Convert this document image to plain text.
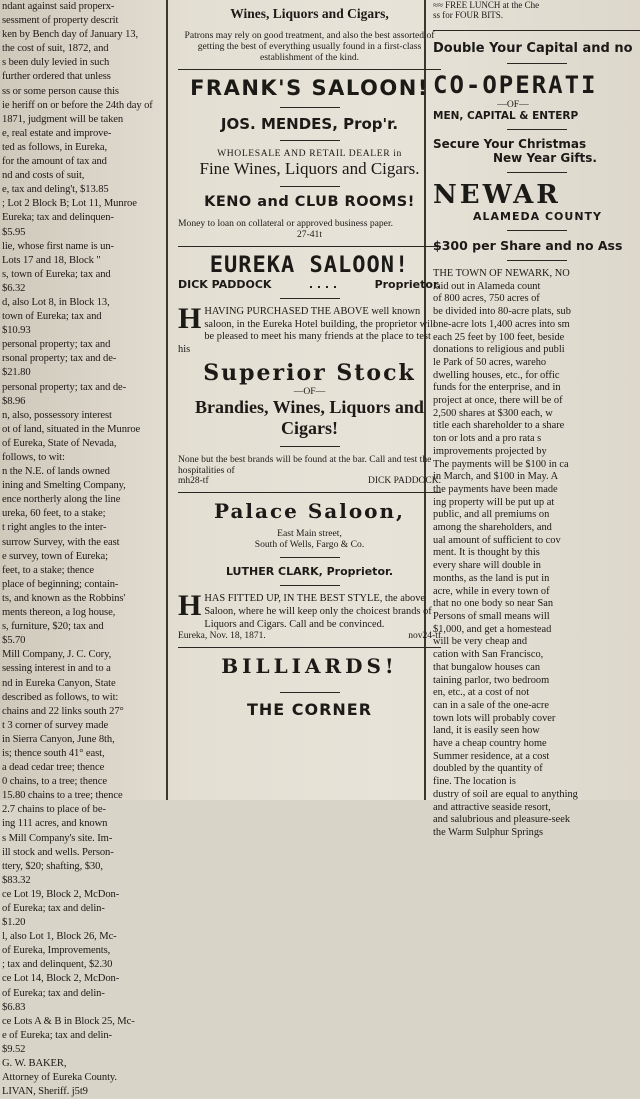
ndant against said properx-
sessment of property descrit
ken by Bench day of January 13,
the cost of suit, 1872, and
s been duly levied in such
further ordered that unless
ss or some person cause this
ie heriff on or before the 24th day of
1871, judgment will be taken
e, real estate and improve-
ted as follows, in Eureka,
for the amount of tax and
nd and costs of suit,
e, tax and deling't, $13.85
; Lot 2 Block B; Lot 11, Munroe
Eureka; tax and delinquen-
$5.95
lie, whose first name is un-
Lots 17 and 18, Block "
s, town of Eureka; tax and
$6.32
d, also Lot 8, in Block 13,
town of Eureka; tax and
$10.93
personal property; tax and
rsonal property; tax and de-
$21.80
personal property; tax and de-
$8.96
n, also, possessory interest
ot of land, situated in the Munroe
of Eureka, State of Nevada,
follows, to wit:
n the N.E. of lands owned
ining and Smelting Company,
ence northerly along the line
ureka, 60 feet, to a stake;
t right angles to the inter-
surrow Survey, with the east
e survey, town of Eureka;
feet, to a stake; thence
place of beginning; contain-
ts, and known as the Robbins'
ments thereon, a log house,
s, furniture, $20; tax and
$5.70
Mill Company, J. C. Cory,
sessing interest in and to a
nd in Eureka Canyon, State
described as follows, to wit:
chains and 22 links south 27°
t 3 corner of survey made
in Sierra Canyon, June 8th,
is; thence south 41° east,
a dead cedar tree; thence
0 chains, to a tree; thence
15.80 chains to a tree; thence
2.7 chains to place of be-
ing 111 acres, and known
s Mill Company's site. Im-
ill stock and wells. Person-
ttery, $20; shafting, $30,
$83.32
ce Lot 19, Block 2, McDon-
of Eureka; tax and delin-
$1.20
l, also Lot 1, Block 26, Mc-
of Eureka, Improvements,
; tax and delinquent, $2.30
ce Lot 14, Block 2, McDon-
of Eureka; tax and delin-
$6.83
ce Lots A & B in Block 25, Mc-
e of Eureka; tax and delin-
$9.52
G. W. BAKER,
Attorney of Eureka County.
LIVAN, Sheriff. j5t9
Wines, Liquors and Cigars,
Patrons may rely on good treatment, and also the best assorted of getting the best of everything usually found in a first-class establishment of the kind.
FRANK'S SALOON!
JOS. MENDES, Prop'r.
WHOLESALE AND RETAIL DEALER in
Fine Wines, Liquors and Cigars.
KENO and CLUB ROOMS!
Money to loan on collateral or approved business paper.
27-41t
EUREKA SALOON!
DICK PADDOCK	. . . .	Proprietor.
HHAVING PURCHASED THE ABOVE well known saloon, in the Eureka Hotel building, the proprietor will be pleased to meet his many friends at the place to test his
Superior Stock
—OF—
Brandies, Wines, Liquors and Cigars!
None but the best brands will be found at the bar. Call and test the hospitalities of
mh28-tf	DICK PADDOCK.
Palace Saloon,
East Main street,
South of Wells, Fargo & Co.
LUTHER CLARK, Proprietor.
HHAS FITTED UP, IN THE BEST STYLE, the above Saloon, where he will keep only the choicest brands of Liquors and Cigars. Call and be convinced.
Eureka, Nov. 18, 1871.	nov24-tf
BILLIARDS!
THE CORNER
≈≈ FREE LUNCH at the Che
ss for FOUR BITS.
Double Your Capital and no
CO-OPERATI
—OF—
MEN, CAPITAL & ENTERP
Secure Your Christmas
New Year Gifts.
NEWAR
ALAMEDA COUNTY
$300 per Share and no Ass
THE TOWN OF NEWARK, NO
laid out in Alameda count
of 800 acres, 750 acres of
be divided into 80-acre plats, sub
one-acre lots 1,400 acres into sm
each 25 feet by 100 feet, beside
donations to religious and publi
le Park of 50 acres, wareho
dwelling houses, etc., for offic
funds for the enterprise, and in
project at once, there will be of
2,500 shares at $300 each, w
title each shareholder to a share
ton or lots and a pro rata s
improvements projected by
The payments will be $100 in ca
in March, and $100 in May. A
the payments have been made
ing property will be put up at
public, and all premiums on
among the shareholders, and
ual amount of sufficient to cov
ment. It is thought by this
every share will double in
months, as the land is put in
acre, while in every town of
that no one body so near San
Persons of small means will
$1,000, and get a homestead
will be very cheap and
cation with San Francisco,
that bungalow houses can
taining parlor, two bedroom
en, etc., at a cost of not
can in a sale of the one-acre
town lots will probably cover
land, it is easily seen how
have a cheap country home
Summer residence, at a cost
doubled by the quantity of
fine. The location is
dustry of soil are equal to anything
and attractive seaside resort,
and salubrious and pleasure-seek
the Warm Sulphur Springs
